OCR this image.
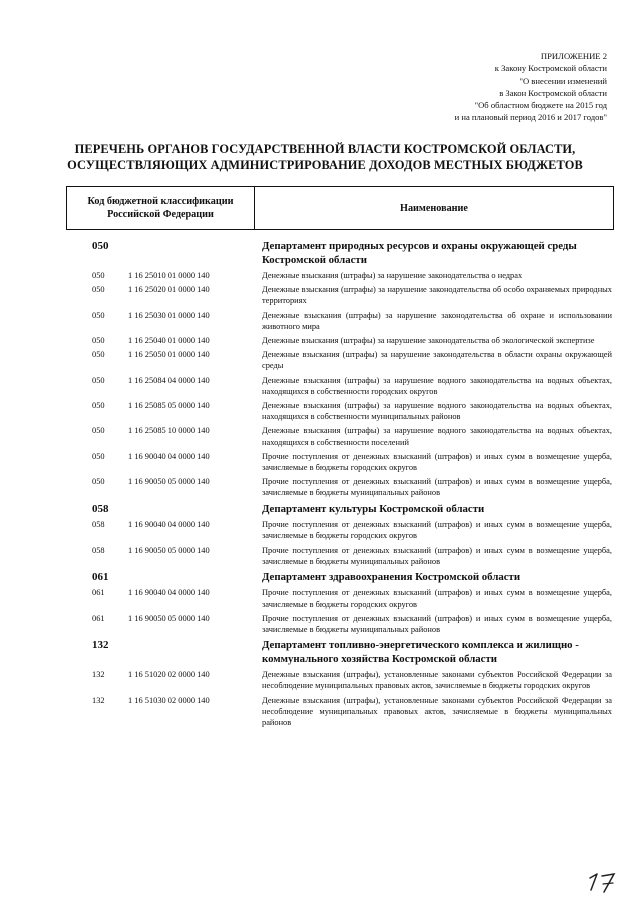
ПРИЛОЖЕНИЕ 2
к Закону Костромской области
"О внесении изменений
в Закон Костромской области
"Об областном бюджете на 2015 год
и на плановый период 2016 и 2017 годов"
ПЕРЕЧЕНЬ ОРГАНОВ ГОСУДАРСТВЕННОЙ ВЛАСТИ КОСТРОМСКОЙ ОБЛАСТИ,
ОСУЩЕСТВЛЯЮЩИХ АДМИНИСТРИРОВАНИЕ ДОХОДОВ МЕСТНЫХ БЮДЖЕТОВ
Код бюджетной классификации
Российской Федерации
Наименование
050	Департамент природных ресурсов и охраны окружающей среды Костромской области
050	1 16 25010 01 0000 140	Денежные взыскания (штрафы) за нарушение законодательства о недрах
050	1 16 25020 01 0000 140	Денежные взыскания (штрафы) за нарушение законодательства об особо охраняемых природных территориях
050	1 16 25030 01 0000 140	Денежные взыскания (штрафы) за нарушение законодательства об охране и использовании животного мира
050	1 16 25040 01 0000 140	Денежные взыскания (штрафы) за нарушение законодательства об экологической экспертизе
050	1 16 25050 01 0000 140	Денежные взыскания (штрафы) за нарушение законодательства в области охраны окружающей среды
050	1 16 25084 04 0000 140	Денежные взыскания (штрафы) за нарушение водного законодательства на водных объектах, находящихся в собственности городских округов
050	1 16 25085 05 0000 140	Денежные взыскания (штрафы) за нарушение водного законодательства на водных объектах, находящихся в собственности муниципальных районов
050	1 16 25085 10 0000 140	Денежные взыскания (штрафы) за нарушение водного законодательства на водных объектах, находящихся в собственности поселений
050	1 16 90040 04 0000 140	Прочие поступления от денежных взысканий (штрафов) и иных сумм в возмещение ущерба, зачисляемые в бюджеты городских округов
050	1 16 90050 05 0000 140	Прочие поступления от денежных взысканий (штрафов) и иных сумм в возмещение ущерба, зачисляемые в бюджеты муниципальных районов
058	Департамент культуры Костромской области
058	1 16 90040 04 0000 140	Прочие поступления от денежных взысканий (штрафов) и иных сумм в возмещение ущерба, зачисляемые в бюджеты городских округов
058	1 16 90050 05 0000 140	Прочие поступления от денежных взысканий (штрафов) и иных сумм в возмещение ущерба, зачисляемые в бюджеты муниципальных районов
061	Департамент здравоохранения Костромской области
061	1 16 90040 04 0000 140	Прочие поступления от денежных взысканий (штрафов) и иных сумм в возмещение ущерба, зачисляемые в бюджеты городских округов
061	1 16 90050 05 0000 140	Прочие поступления от денежных взысканий (штрафов) и иных сумм в возмещение ущерба, зачисляемые в бюджеты муниципальных районов
132	Департамент топливно-энергетического комплекса и жилищно - коммунального хозяйства Костромской области
132	1 16 51020 02 0000 140	Денежные взыскания (штрафы), установленные законами субъектов Российской Федерации за несоблюдение муниципальных правовых актов, зачисляемые в бюджеты городских округов
132	1 16 51030 02 0000 140	Денежные взыскания (штрафы), установленные законами субъектов Российской Федерации за несоблюдение муниципальных правовых актов, зачисляемые в бюджеты муниципальных районов
